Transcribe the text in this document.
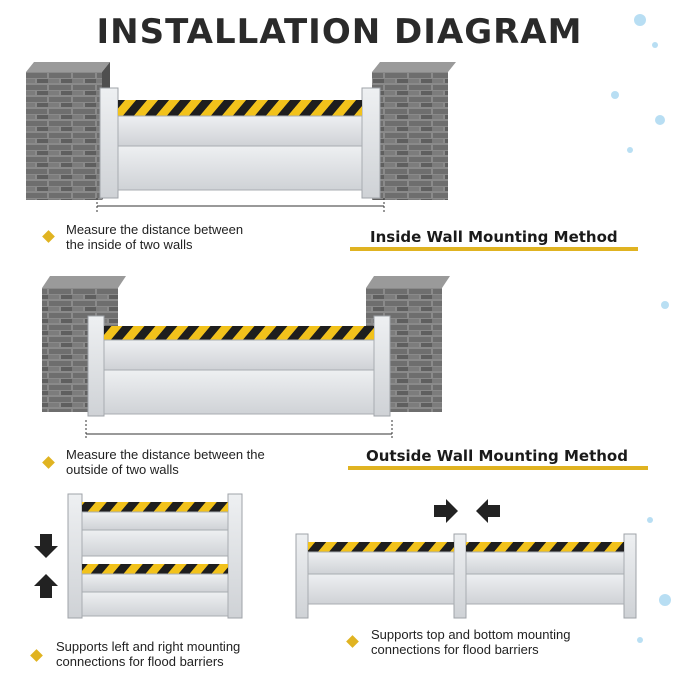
INSTALLATION DIAGRAM
Measure the distance between
the inside of two walls	Inside Wall Mounting Method
Measure the distance between the
outside of two walls
Outside Wall Mounting Method
Supports left and right mounting
connections for flood barriers
Supports top and bottom mounting
connections for flood barriers
